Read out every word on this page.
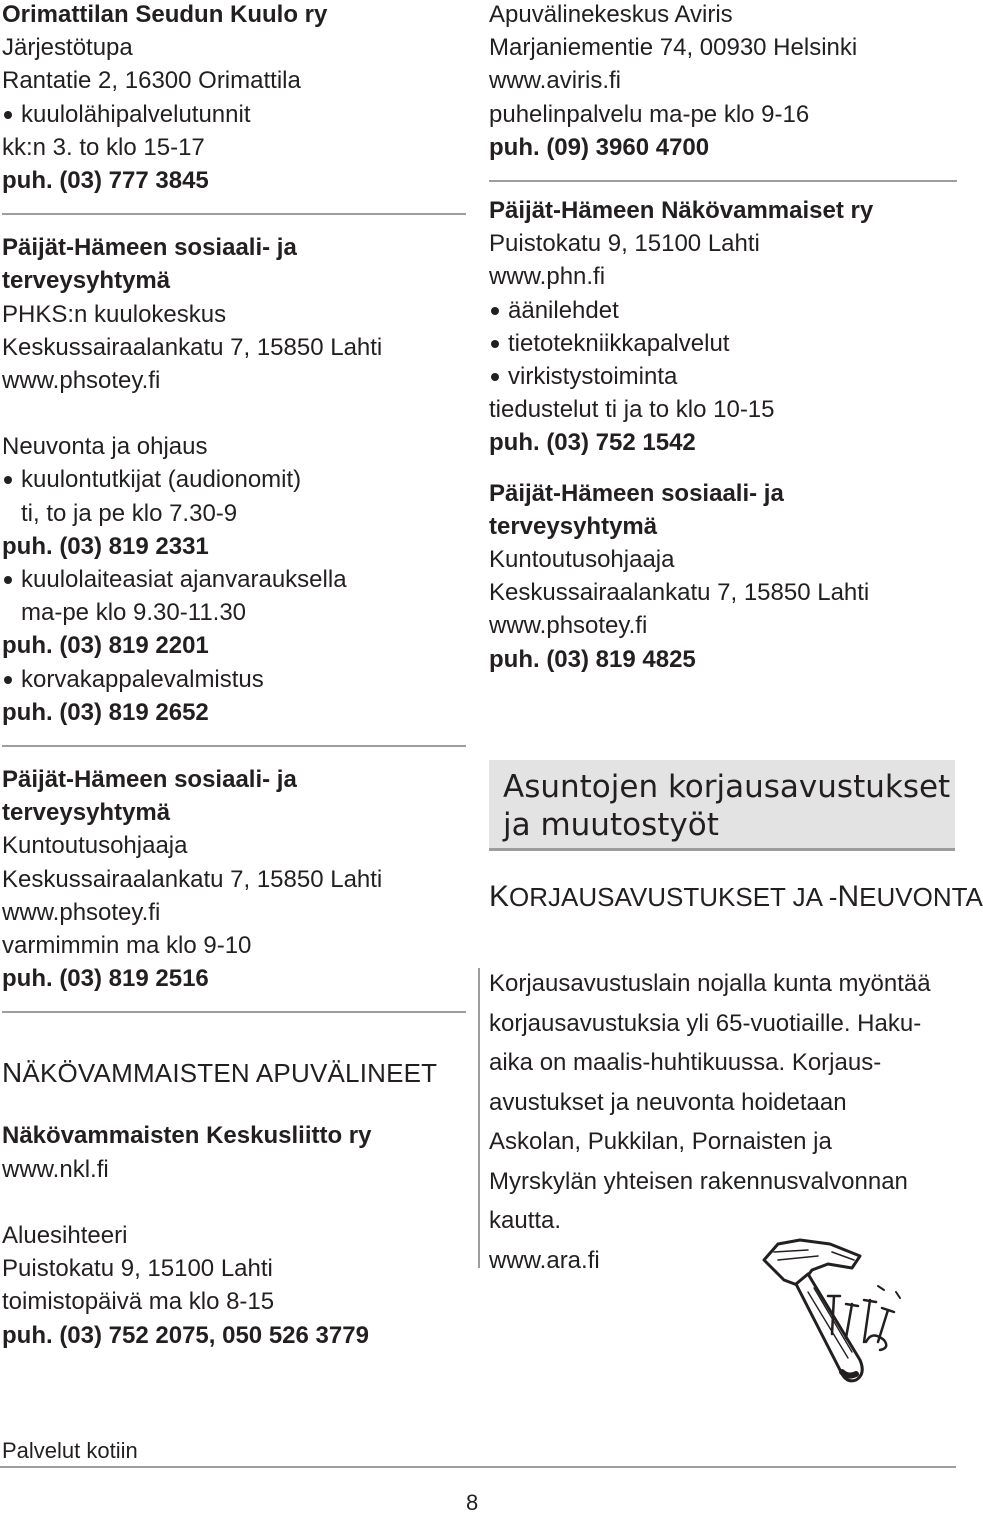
Orimattilan Seudun Kuulo ry
Järjestötupa
Rantatie 2, 16300 Orimattila
kuulolähipalvelutunnit
kk:n 3. to klo 15-17
puh. (03) 777 3845
Päijät-Hämeen sosiaali- ja
terveysyhtymä
PHKS:n kuulokeskus
Keskussairaalankatu 7, 15850 Lahti
www.phsotey.fi
Neuvonta ja ohjaus
kuulontutkijat (audionomit)
ti, to ja pe klo 7.30-9
puh. (03) 819 2331
kuulolaiteasiat ajanvarauksella
ma-pe klo 9.30-11.30
puh. (03) 819 2201
korvakappalevalmistus
puh. (03) 819 2652
Päijät-Hämeen sosiaali- ja
terveysyhtymä
Kuntoutusohjaaja
Keskussairaalankatu 7, 15850 Lahti
www.phsotey.fi
varmimmin ma klo 9-10
puh. (03) 819 2516
NÄKÖVAMMAISTEN APUVÄLINEET
Näkövammaisten Keskusliitto ry
www.nkl.fi
Aluesihteeri
Puistokatu 9, 15100 Lahti
toimistopäivä ma klo 8-15
puh. (03) 752 2075, 050 526 3779
Apuvälinekeskus Aviris
Marjaniementie 74, 00930 Helsinki
www.aviris.fi
puhelinpalvelu ma-pe klo 9-16
puh. (09) 3960 4700
Päijät-Hämeen Näkövammaiset ry
Puistokatu 9, 15100 Lahti
www.phn.fi
äänilehdet
tietotekniikkapalvelut
virkistystoiminta
tiedustelut ti ja to klo 10-15
puh. (03) 752 1542
Päijät-Hämeen sosiaali- ja
terveysyhtymä
Kuntoutusohjaaja
Keskussairaalankatu 7, 15850 Lahti
www.phsotey.fi
puh. (03) 819 4825
Asuntojen korjausavustukset
ja muutostyöt
KORJAUSAVUSTUKSET JA -NEUVONTA
Korjausavustuslain nojalla kunta myöntää
korjausavustuksia yli 65-vuotiaille. Haku-
aika on maalis-huhtikuussa. Korjaus-
avustukset ja neuvonta hoidetaan
Askolan, Pukkilan, Pornaisten ja
Myrskylän yhteisen rakennusvalvonnan
kautta.
www.ara.fi
Palvelut kotiin
8
